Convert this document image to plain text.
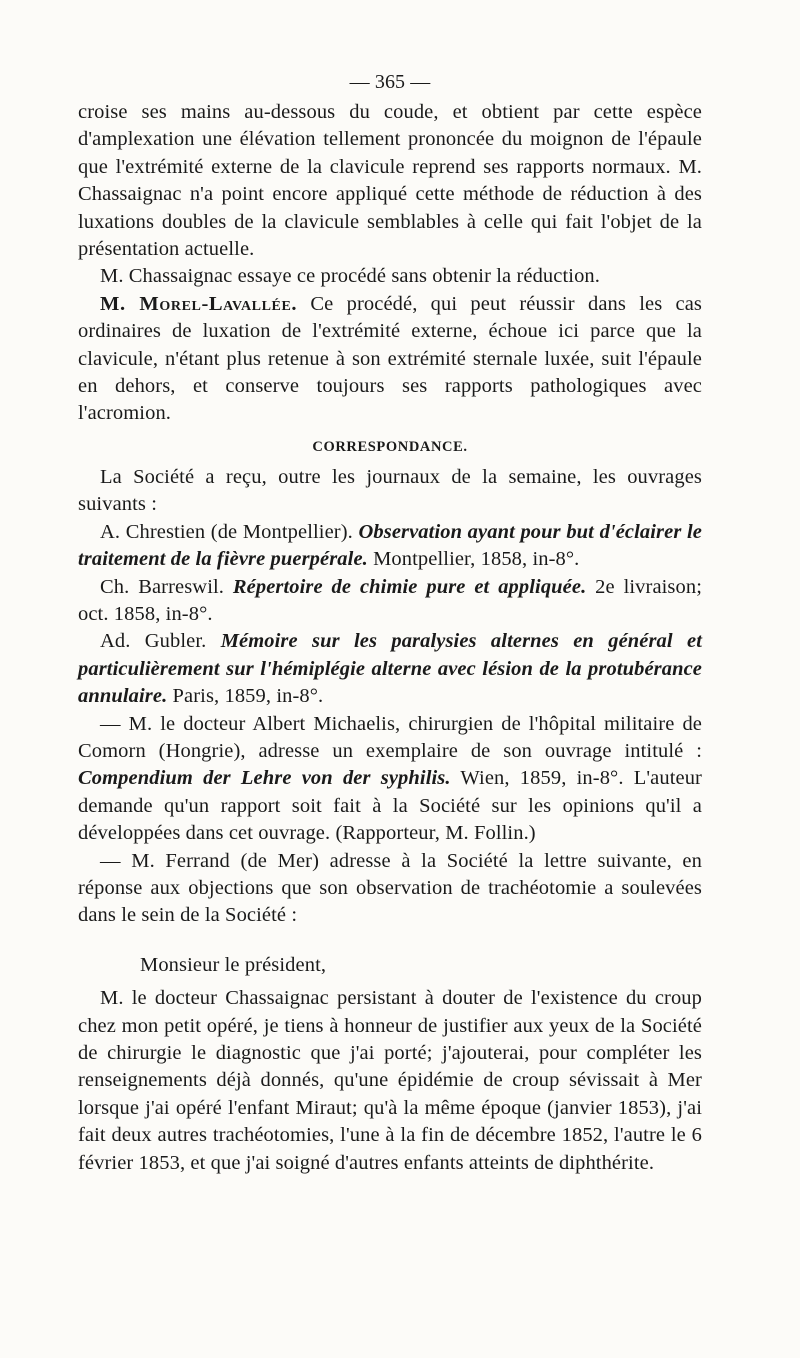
— 365 —

croise ses mains au-dessous du coude, et obtient par cette espèce d'amplexation une élévation tellement prononcée du moignon de l'épaule que l'extrémité externe de la clavicule reprend ses rapports normaux. M. Chassaignac n'a point encore appliqué cette méthode de réduction à des luxations doubles de la clavicule semblables à celle qui fait l'objet de la présentation actuelle.

M. Chassaignac essaye ce procédé sans obtenir la réduction.

M. Morel-Lavallée. Ce procédé, qui peut réussir dans les cas ordinaires de luxation de l'extrémité externe, échoue ici parce que la clavicule, n'étant plus retenue à son extrémité sternale luxée, suit l'épaule en dehors, et conserve toujours ses rapports pathologiques avec l'acromion.

CORRESPONDANCE.

La Société a reçu, outre les journaux de la semaine, les ouvrages suivants :

A. Chrestien (de Montpellier). Observation ayant pour but d'éclairer le traitement de la fièvre puerpérale. Montpellier, 1858, in-8°.

Ch. Barreswil. Répertoire de chimie pure et appliquée. 2e livraison; oct. 1858, in-8°.

Ad. Gubler. Mémoire sur les paralysies alternes en général et particulièrement sur l'hémiplégie alterne avec lésion de la protubérance annulaire. Paris, 1859, in-8°.

— M. le docteur Albert Michaelis, chirurgien de l'hôpital militaire de Comorn (Hongrie), adresse un exemplaire de son ouvrage intitulé : Compendium der Lehre von der syphilis. Wien, 1859, in-8°. L'auteur demande qu'un rapport soit fait à la Société sur les opinions qu'il a développées dans cet ouvrage. (Rapporteur, M. Follin.)

— M. Ferrand (de Mer) adresse à la Société la lettre suivante, en réponse aux objections que son observation de trachéotomie a soulevées dans le sein de la Société :

Monsieur le président,

M. le docteur Chassaignac persistant à douter de l'existence du croup chez mon petit opéré, je tiens à honneur de justifier aux yeux de la Société de chirurgie le diagnostic que j'ai porté; j'ajouterai, pour compléter les renseignements déjà donnés, qu'une épidémie de croup sévissait à Mer lorsque j'ai opéré l'enfant Miraut; qu'à la même époque (janvier 1853), j'ai fait deux autres trachéotomies, l'une à la fin de décembre 1852, l'autre le 6 février 1853, et que j'ai soigné d'autres enfants atteints de diphthérite.
